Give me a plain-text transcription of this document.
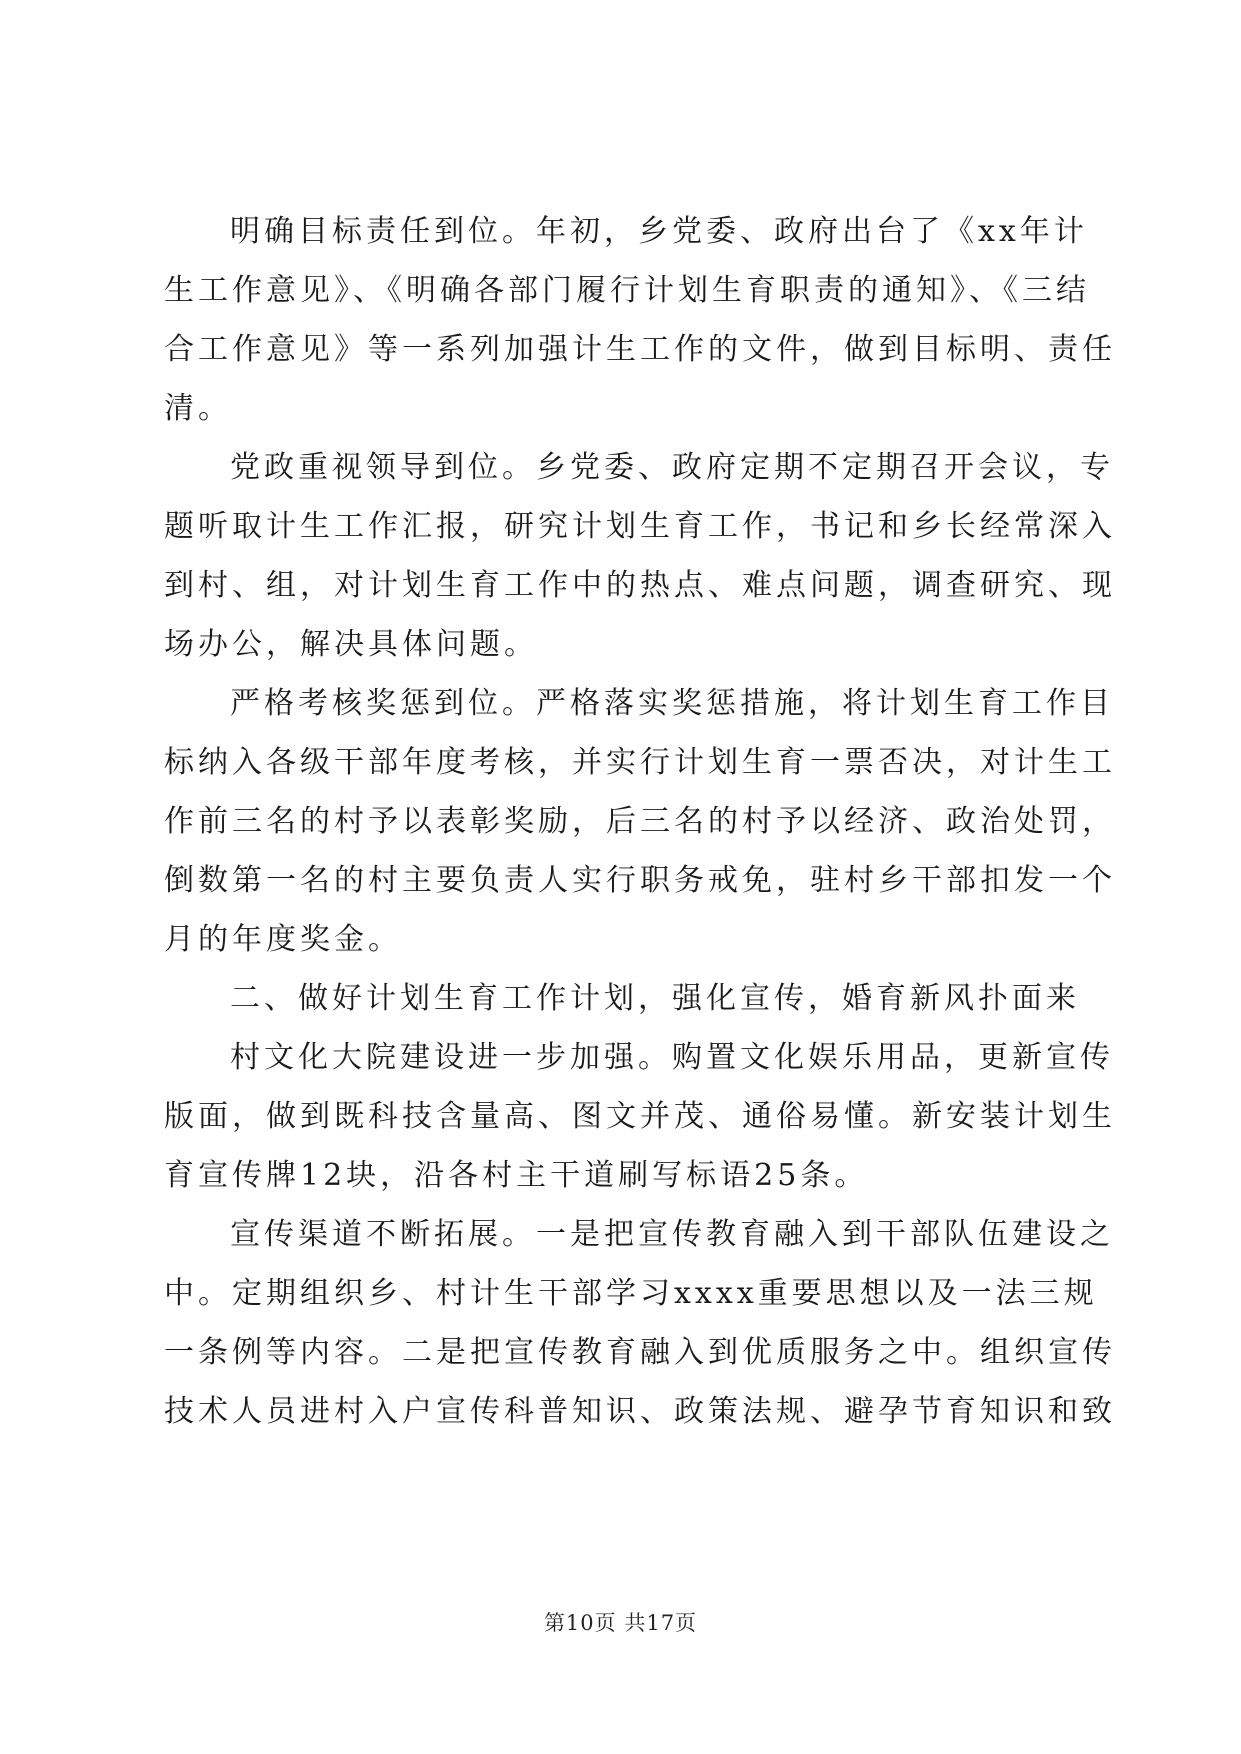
明确目标责任到位。年初，乡党委、政府出台了《xx年计
生工作意见》、《明确各部门履行计划生育职责的通知》、《三结
合工作意见》等一系列加强计生工作的文件，做到目标明、责任
清。
党政重视领导到位。乡党委、政府定期不定期召开会议，专
题听取计生工作汇报，研究计划生育工作，书记和乡长经常深入
到村、组，对计划生育工作中的热点、难点问题，调查研究、现
场办公，解决具体问题。
严格考核奖惩到位。严格落实奖惩措施，将计划生育工作目
标纳入各级干部年度考核，并实行计划生育一票否决，对计生工
作前三名的村予以表彰奖励，后三名的村予以经济、政治处罚，
倒数第一名的村主要负责人实行职务戒免，驻村乡干部扣发一个
月的年度奖金。
二、做好计划生育工作计划，强化宣传，婚育新风扑面来
村文化大院建设进一步加强。购置文化娱乐用品，更新宣传
版面，做到既科技含量高、图文并茂、通俗易懂。新安装计划生
育宣传牌12块，沿各村主干道刷写标语25条。
宣传渠道不断拓展。一是把宣传教育融入到干部队伍建设之
中。定期组织乡、村计生干部学习xxxx重要思想以及一法三规
一条例等内容。二是把宣传教育融入到优质服务之中。组织宣传
技术人员进村入户宣传科普知识、政策法规、避孕节育知识和致
第10页 共17页
